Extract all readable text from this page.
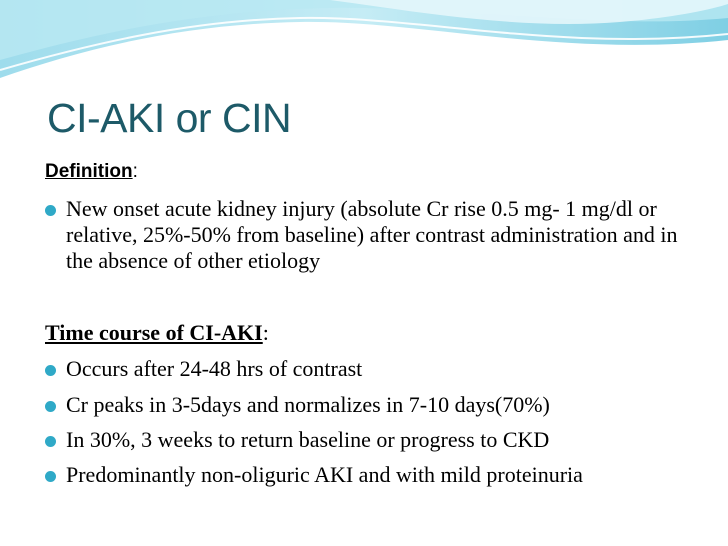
CI-AKI or CIN
Definition:
New onset acute kidney injury (absolute Cr rise 0.5 mg- 1 mg/dl or relative, 25%-50% from baseline) after contrast administration and in the absence of other etiology
Time course of CI-AKI:
Occurs after 24-48 hrs of contrast
Cr peaks in 3-5days and normalizes in 7-10 days(70%)
In 30%, 3 weeks to return baseline or progress to CKD
Predominantly non-oliguric AKI and with mild proteinuria
